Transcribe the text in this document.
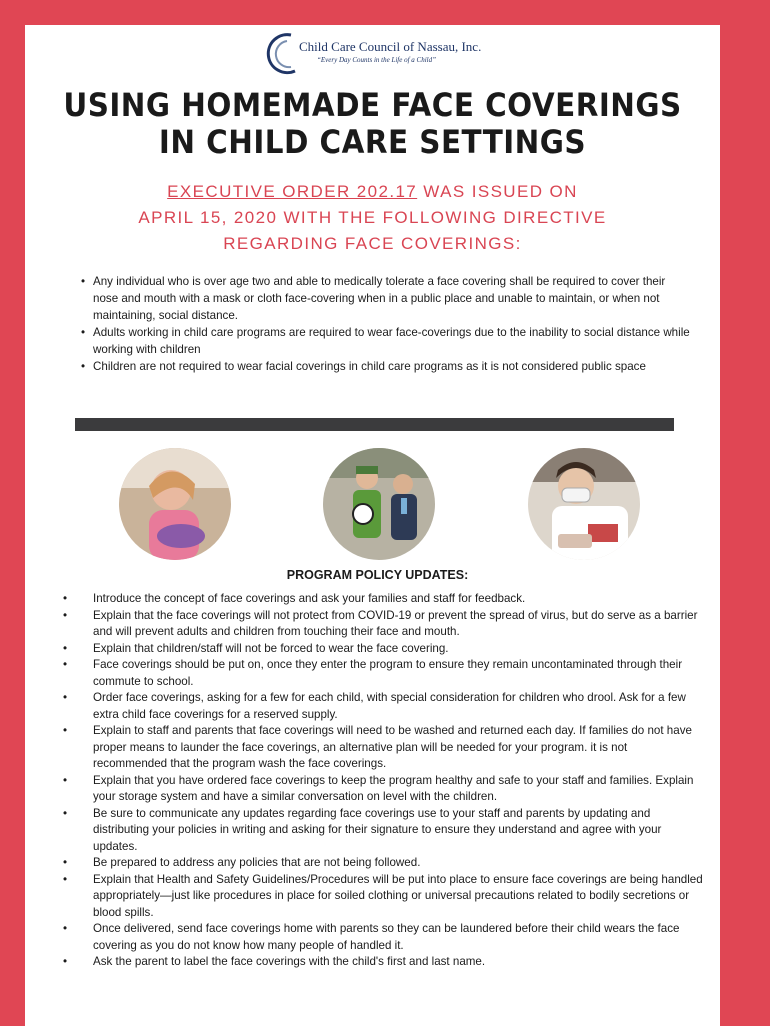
Child Care Council of Nassau, Inc.
“Every Day Counts in the Life of a Child”
USING HOMEMADE FACE COVERINGS
IN CHILD CARE SETTINGS
EXECUTIVE ORDER 202.17 WAS ISSUED ON
APRIL 15, 2020 WITH THE FOLLOWING DIRECTIVE
REGARDING FACE COVERINGS:
• Any individual who is over age two and able to medically tolerate a face covering shall be required to cover their nose and mouth with a mask or cloth face-covering when in a public place and unable to maintain, or when not maintaining, social distance.
• Adults working in child care programs are required to wear face-coverings due to the inability to social distance while working with children
• Children are not required to wear facial coverings in child care programs as it is not considered public space
PROGRAM POLICY UPDATES:
• Introduce the concept of face coverings and ask your families and staff for feedback.
• Explain that the face coverings will not protect from COVID-19 or prevent the spread of virus, but do serve as a barrier and will prevent adults and children from touching their face and mouth.
• Explain that children/staff will not be forced to wear the face covering.
• Face coverings should be put on, once they enter the program to ensure they remain uncontaminated through their commute to school.
• Order face coverings, asking for a few for each child, with special consideration for children who drool. Ask for a few extra child face coverings for a reserved supply.
• Explain to staff and parents that face coverings will need to be washed and returned each day. If families do not have proper means to launder the face coverings, an alternative plan will be needed for your program. it is not recommended that the program wash the face coverings.
• Explain that you have ordered face coverings to keep the program healthy and safe to your staff and families. Explain your storage system and have a similar conversation on level with the children.
• Be sure to communicate any updates regarding face coverings use to your staff and parents by updating and distributing your policies in writing and asking for their signature to ensure they understand and agree with your updates.
• Be prepared to address any policies that are not being followed.
• Explain that Health and Safety Guidelines/Procedures will be put into place to ensure face coverings are being handled appropriately—just like procedures in place for soiled clothing or universal precautions related to bodily secretions or blood spills.
• Once delivered, send face coverings home with parents so they can be laundered before their child wears the face covering as you do not know how many people of handled it.
• Ask the parent to label the face coverings with the child's first and last name.
